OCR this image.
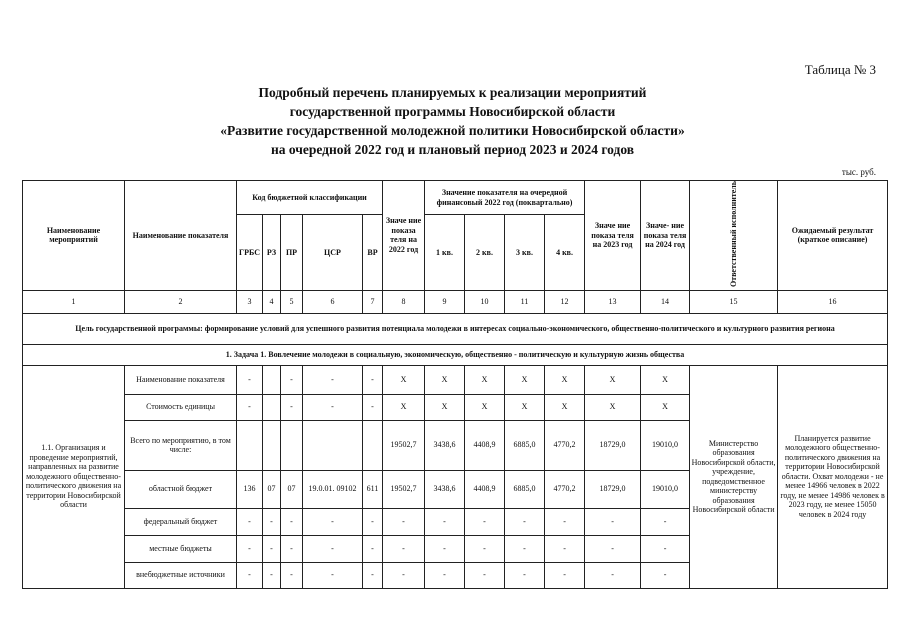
Таблица № 3
Подробный перечень планируемых к реализации мероприятий
государственной программы Новосибирской области
«Развитие государственной молодежной политики Новосибирской области»
на очередной 2022 год и плановый период 2023 и 2024 годов
тыс. руб.
Наименование мероприятий	Наименование показателя	Код бюджетной классификации					Значе ние показа теля на 2022 год	Значение показателя на очередной финансовый 2022 год (поквартально)				Значе ние показа теля на 2023 год	Значе- ние показа теля на 2024 год	Ответственный исполнитель	Ожидаемый результат (краткое описание)
		ГРБС	РЗ	ПР	ЦСР	ВР		1 кв.	2 кв.	3 кв.	4 кв.				
1	2	3	4	5	6	7	8	9	10	11	12	13	14	15	16
Цель государственной программы: формирование условий для успешного развития потенциала молодежи в интересах социально-экономического, общественно-политического и культурного развития региона															
1. Задача 1. Вовлечение молодежи в социальную, экономическую, общественно - политическую и культурную жизнь общества															
1.1. Организация и проведение мероприятий, направленных на развитие молодежного общественно-политического движения на территории Новосибирской области	Наименование показателя	-		-	-	-	X	X	X	X	X	X	X	Министерство образования Новосибирской области, учреждение, подведомственное министерству образования Новосибирской области	Планируется развитие молодежного общественно-политического движения на территории Новосибирской области. Охват молодежи - не менее 14966 человек в 2022 году, не менее 14986 человек в 2023 году, не менее 15050 человек в 2024 году
	Стоимость единицы	-		-	-	-	X	X	X	X	X	X	X		
	Всего по мероприятию, в том числе:						19502,7	3438,6	4408,9	6885,0	4770,2	18729,0	19010,0		
	областной бюджет	136	07	07	19.0.01. 09102	611	19502,7	3438,6	4408,9	6885,0	4770,2	18729,0	19010,0		
	федеральный бюджет	-	-	-	-	-	-	-	-	-	-	-	-		
	местные бюджеты	-	-	-	-	-	-	-	-	-	-	-	-		
	внебюджетные источники	-	-	-	-	-	-	-	-	-	-	-	-		
